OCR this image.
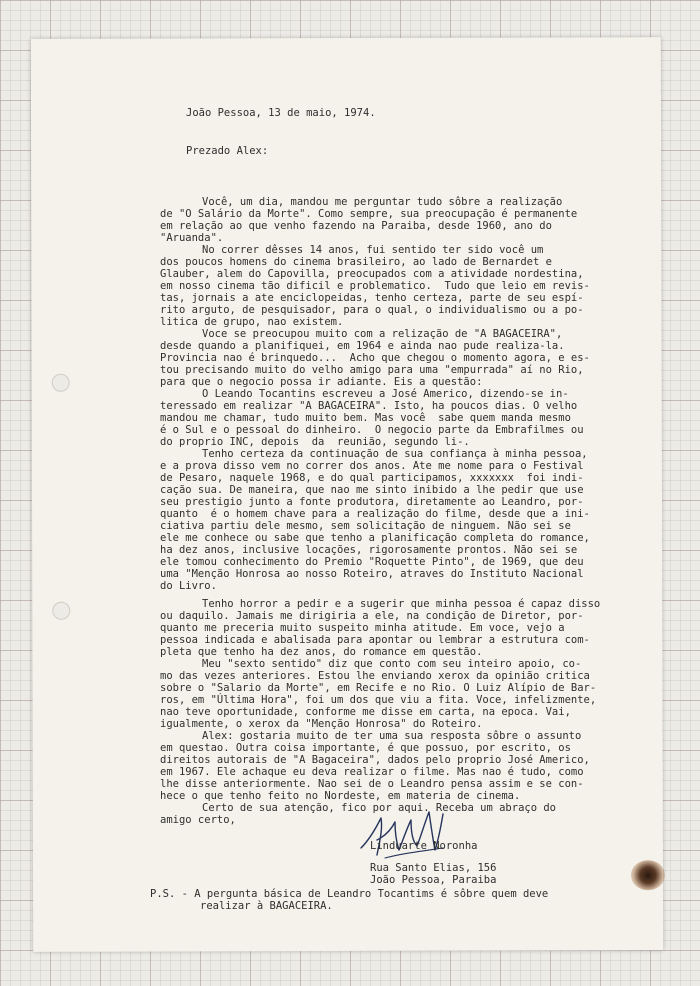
João Pessoa, 13 de maio, 1974.
Prezado Alex:
Você, um dia, mandou me perguntar tudo sôbre a realização
de "O Salário da Morte". Como sempre, sua preocupação é permanente
em relação ao que venho fazendo na Paraiba, desde 1960, ano do
"Aruanda".
No correr dêsses 14 anos, fui sentido ter sido você um
dos poucos homens do cinema brasileiro, ao lado de Bernardet e
Glauber, alem do Capovilla, preocupados com a atividade nordestina,
em nosso cinema tão dificil e problematico.  Tudo que leio em revis-
tas, jornais a ate enciclopeidas, tenho certeza, parte de seu espí-
rito arguto, de pesquisador, para o qual, o individualismo ou a po-
litica de grupo, nao existem.
Voce se preocupou muito com a relização de "A BAGACEIRA",
desde quando a planifiquei, em 1964 e ainda nao pude realiza-la.
Provincia nao é brinquedo...  Acho que chegou o momento agora, e es-
tou precisando muito do velho amigo para uma "empurrada" aí no Rio,
para que o negocio possa ir adiante. Eis a questão:
O Leando Tocantins escreveu a José Americo, dizendo-se in-
teressado em realizar "A BAGACEIRA". Isto, ha poucos dias. O velho
mandou me chamar, tudo muito bem. Mas você  sabe quem manda mesmo
é o Sul e o pessoal do dinheiro.  O negocio parte da Embrafilmes ou
do proprio INC, depois  da  reunião, segundo li-.
Tenho certeza da continuação de sua confiança à minha pessoa,
e a prova disso vem no correr dos anos. Ate me nome para o Festival
de Pesaro, naquele 1968, e do qual participamos, xxxxxxx  foi indi-
cação sua. De maneira, que nao me sinto inibido a lhe pedir que use
seu prestigio junto a fonte produtora, diretamente ao Leandro, por-
quanto  é o homem chave para a realização do filme, desde que a ini-
ciativa partiu dele mesmo, sem solicitação de ninguem. Não sei se
ele me conhece ou sabe que tenho a planificação completa do romance,
ha dez anos, inclusive locações, rigorosamente prontos. Não sei se
ele tomou conhecimento do Premio "Roquette Pinto", de 1969, que deu
uma "Menção Honrosa ao nosso Roteiro, atraves do Instituto Nacional
do Livro.
Tenho horror a pedir e a sugerir que minha pessoa é capaz disso
ou daquilo. Jamais me dirigiria a ele, na condição de Diretor, por-
quanto me preceria muito suspeito minha atitude. Em voce, vejo a
pessoa indicada e abalisada para apontar ou lembrar a estrutura com-
pleta que tenho ha dez anos, do romance em questão.
Meu "sexto sentido" diz que conto com seu inteiro apoio, co-
mo das vezes anteriores. Estou lhe enviando xerox da opinião critica
sobre o "Salario da Morte", em Recife e no Rio. O Luiz Alípio de Bar-
ros, em "Última Hora", foi um dos que viu a fita. Voce, infelizmente,
nao teve oportunidade, conforme me disse em carta, na epoca. Vai,
igualmente, o xerox da "Menção Honrosa" do Roteiro.
Alex: gostaria muito de ter uma sua resposta sôbre o assunto
em questao. Outra coisa importante, é que possuo, por escrito, os
direitos autorais de "A Bagaceira", dados pelo proprio José Americo,
em 1967. Ele achaque eu deva realizar o filme. Mas nao é tudo, como
lhe disse anteriormente. Nao sei de o Leandro pensa assim e se con-
hece o que tenho feito no Nordeste, em materia de cinema.
Certo de sua atenção, fico por aqui. Receba um abraço do
amigo certo,
Linduarte Noronha
Rua Santo Elias, 156
João Pessoa, Paraiba
P.S. - A pergunta básica de Leandro Tocantims é sôbre quem deve
realizar à BAGACEIRA.
